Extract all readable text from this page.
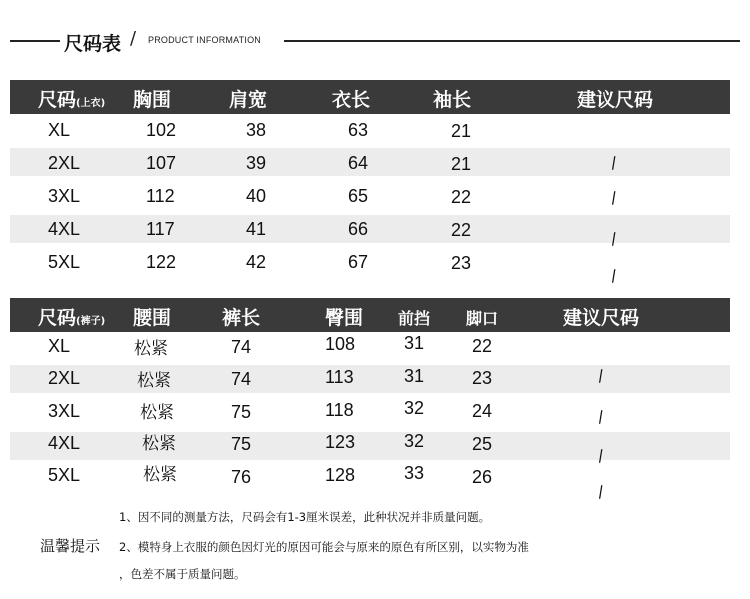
尺码表 / PRODUCT INFORMATION
尺码(上衣) 胸围	肩宽	衣长	袖长	建议尺码
XL	102	38	63	21
2XL	107	39	64	21	/
3XL	112	40	65	22	/
4XL	117	41	66	22	/
5XL	122	42	67	23
/
尺码(裤子) 腰围	裤长	臀围 前挡 脚口	建议尺码
XL	松紧	74	108	31	22
2XL	松紧	74	113	31	23	/
3XL	松紧	75	118	32	24	/
4XL	松紧	75	123	32	25
/
5XL	松紧	76	128	33	26
/
1、因不同的测量方法，尺码会有1-3厘米误差，此种状况并非质量问题。
温馨提示 2、模特身上衣服的颜色因灯光的原因可能会与原来的原色有所区别，以实物为准
，色差不属于质量问题。
